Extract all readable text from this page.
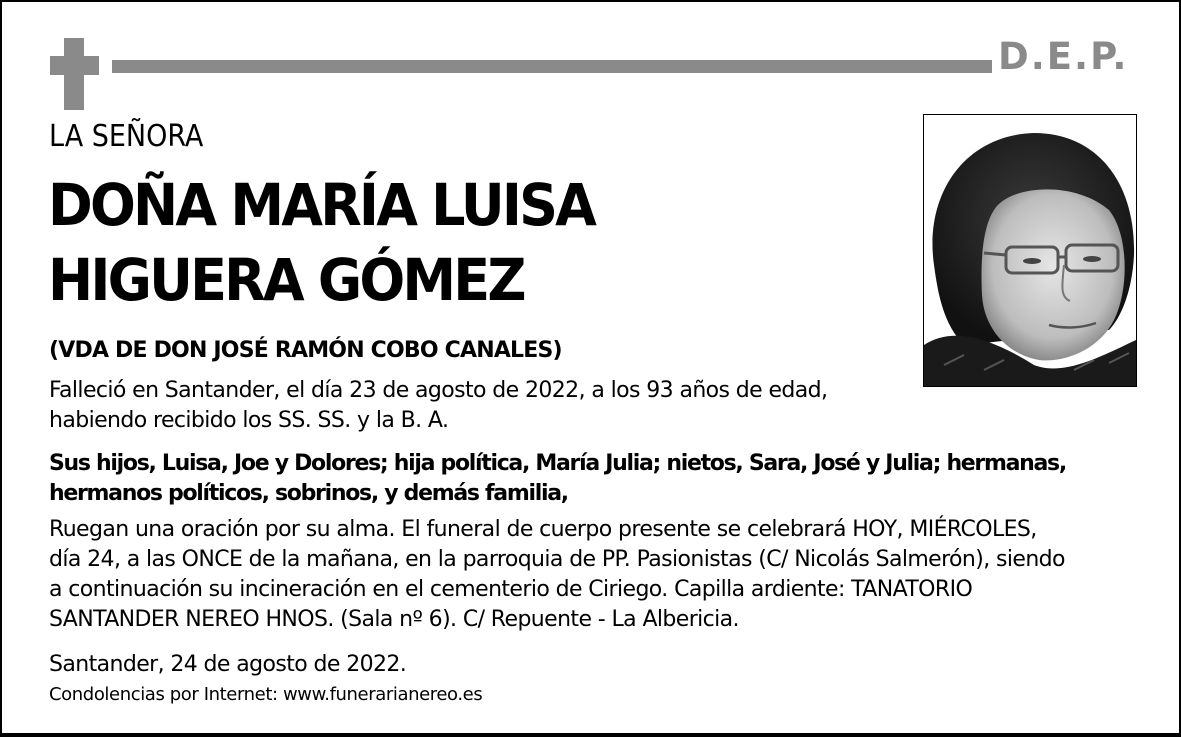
D.E.P.
LA SEÑORA
DOÑA MARÍA LUISA
HIGUERA GÓMEZ
(VDA DE DON JOSÉ RAMÓN COBO CANALES)
Falleció en Santander, el día 23 de agosto de 2022, a los 93 años de edad,
habiendo recibido los SS. SS. y la B. A.
Sus hijos, Luisa, Joe y Dolores; hija política, María Julia; nietos, Sara, José y Julia; hermanas,
hermanos políticos, sobrinos, y demás familia,
Ruegan una oración por su alma. El funeral de cuerpo presente se celebrará HOY, MIÉRCOLES,
día 24, a las ONCE de la mañana, en la parroquia de PP. Pasionistas (C/ Nicolás Salmerón), siendo
a continuación su incineración en el cementerio de Ciriego. Capilla ardiente: TANATORIO
SANTANDER NEREO HNOS. (Sala nº 6). C/ Repuente - La Albericia.
Santander, 24 de agosto de 2022.
Condolencias por Internet: www.funerarianereo.es
